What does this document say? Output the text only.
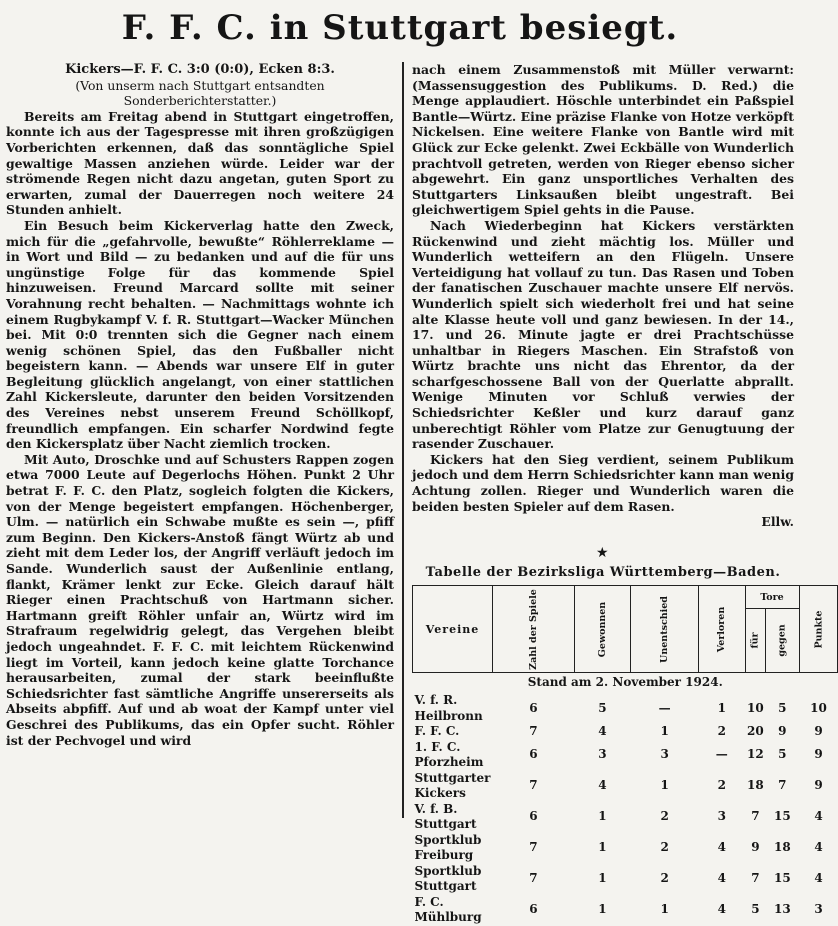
F. F. C. in Stuttgart besiegt.

Kickers—F. F. C. 3:0 (0:0), Ecken 8:3.

(Von unserm nach Stuttgart entsandten Sonderberichterstatter.)

Bereits am Freitag abend in Stuttgart eingetroffen, konnte ich aus der Tagespresse mit ihren großzügigen Vorberichten erkennen, daß das sonntägliche Spiel gewaltige Massen anziehen würde. Leider war der strömende Regen nicht dazu angetan, guten Sport zu erwarten, zumal der Dauerregen noch weitere 24 Stunden anhielt.

Ein Besuch beim Kickerverlag hatte den Zweck, mich für die „gefahrvolle, bewußte“ Röhlerreklame — in Wort und Bild — zu bedanken und auf die für uns ungünstige Folge für das kommende Spiel hinzuweisen. Freund Marcard sollte mit seiner Vorahnung recht behalten. — Nachmittags wohnte ich einem Rugbykampf V. f. R. Stuttgart—Wacker München bei. Mit 0:0 trennten sich die Gegner nach einem wenig schönen Spiel, das den Fußballer nicht begeistern kann. — Abends war unsere Elf in guter Begleitung glücklich angelangt, von einer stattlichen Zahl Kickersleute, darunter den beiden Vorsitzenden des Vereines nebst unserem Freund Schöllkopf, freundlich empfangen. Ein scharfer Nordwind fegte den Kickersplatz über Nacht ziemlich trocken.

Mit Auto, Droschke und auf Schusters Rappen zogen etwa 7000 Leute auf Degerlochs Höhen. Punkt 2 Uhr betrat F. F. C. den Platz, sogleich folgten die Kickers, von der Menge begeistert empfangen. Höchenberger, Ulm. — natürlich ein Schwabe mußte es sein —, pfiff zum Beginn. Den Kickers-Anstoß fängt Würtz ab und zieht mit dem Leder los, der Angriff verläuft jedoch im Sande. Wunderlich saust der Außenlinie entlang, flankt, Krämer lenkt zur Ecke. Gleich darauf hält Rieger einen Prachtschuß von Hartmann sicher. Hartmann greift Röhler unfair an, Würtz wird im Strafraum regelwidrig gelegt, das Vergehen bleibt jedoch ungeahndet. F. F. C. mit leichtem Rückenwind liegt im Vorteil, kann jedoch keine glatte Torchance herausarbeiten, zumal der stark beeinflußte Schiedsrichter fast sämtliche Angriffe unsererseits als Abseits abpfiff. Auf und ab woat der Kampf unter viel Geschrei des Publikums, das ein Opfer sucht. Röhler ist der Pechvogel und wird

nach einem Zusammenstoß mit Müller verwarnt: (Massensuggestion des Publikums. D. Red.) die Menge applaudiert. Höschle unterbindet ein Paßspiel Bantle—Würtz. Eine präzise Flanke von Hotze verköpft Nickelsen. Eine weitere Flanke von Bantle wird mit Glück zur Ecke gelenkt. Zwei Eckbälle von Wunderlich prachtvoll getreten, werden von Rieger ebenso sicher abgewehrt. Ein ganz unsportliches Verhalten des Stuttgarters Linksaußen bleibt ungestraft. Bei gleichwertigem Spiel gehts in die Pause.

Nach Wiederbeginn hat Kickers verstärkten Rückenwind und zieht mächtig los. Müller und Wunderlich wetteifern an den Flügeln. Unsere Verteidigung hat vollauf zu tun. Das Rasen und Toben der fanatischen Zuschauer machte unsere Elf nervös. Wunderlich spielt sich wiederholt frei und hat seine alte Klasse heute voll und ganz bewiesen. In der 14., 17. und 26. Minute jagte er drei Prachtschüsse unhaltbar in Riegers Maschen. Ein Strafstoß von Würtz brachte uns nicht das Ehrentor, da der scharfgeschossene Ball von der Querlatte abprallt. Wenige Minuten vor Schluß verwies der Schiedsrichter Keßler und kurz darauf ganz unberechtigt Röhler vom Platze zur Genugtuung der rasender Zuschauer.

Kickers hat den Sieg verdient, seinem Publikum jedoch und dem Herrn Schiedsrichter kann man wenig Achtung zollen. Rieger und Wunderlich waren die beiden besten Spieler auf dem Rasen.

Ellw.

★
Tabelle der Bezirksliga Württemberg—Baden.
Vereine	Zahl der Spiele	Gewonnen	Unentschied	Verloren	Tore		Punkte
					für	gegen	
Stand am 2. November 1924.							
V. f. R. Heilbronn	6	5	—	1	10	5	10
F. F. C.	7	4	1	2	20	9	9
1. F. C. Pforzheim	6	3	3	—	12	5	9
Stuttgarter Kickers	7	4	1	2	18	7	9
V. f. B. Stuttgart	6	1	2	3	7	15	4
Sportklub Freiburg	7	1	2	4	9	18	4
Sportklub Stuttgart	7	1	2	4	7	15	4
F. C. Mühlburg	6	1	1	4	5	13	3
